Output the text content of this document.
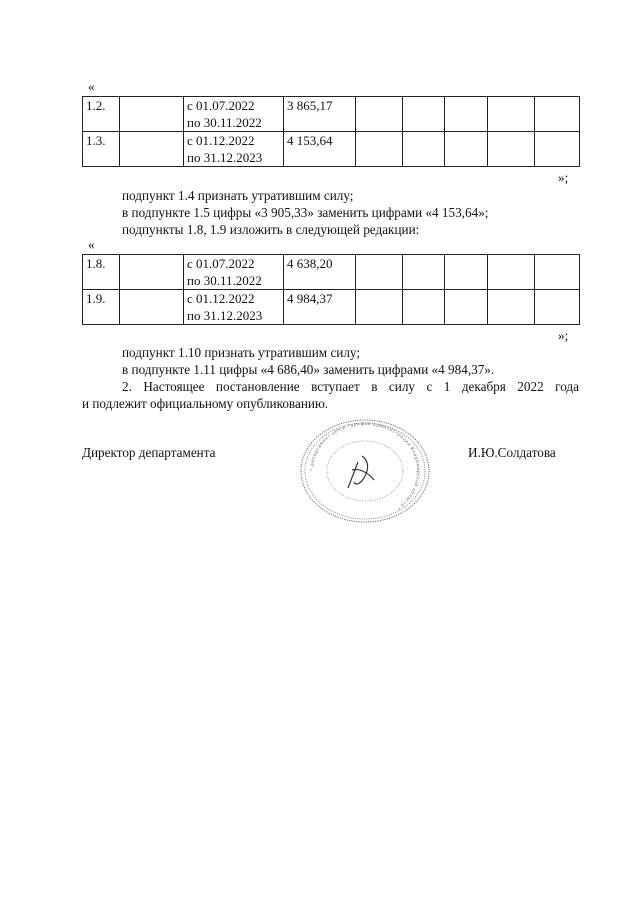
«
1.2.		с 01.07.2022
по 30.11.2022	3 865,17					
1.3.		с 01.12.2022
по 31.12.2023	4 153,64					
»;
подпункт 1.4 признать утратившим силу;
в подпункте 1.5 цифры «3 905,33» заменить цифрами «4 153,64»;
подпункты 1.8, 1.9 изложить в следующей редакции:
«
1.8.		с 01.07.2022
по 30.11.2022	4 638,20					
1.9.		с 01.12.2022
по 31.12.2023	4 984,37					
»;
подпункт 1.10 признать утратившим силу;
в подпункте 1.11 цифры «4 686,40» заменить цифрами «4 984,37».
2. Настоящее постановление вступает в силу с 1 декабря 2022 года
и подлежит официальному опубликованию.
Директор департамента	И.Ю.Солдатова
* департамент цен и тарифов администрации Владимирской области *
